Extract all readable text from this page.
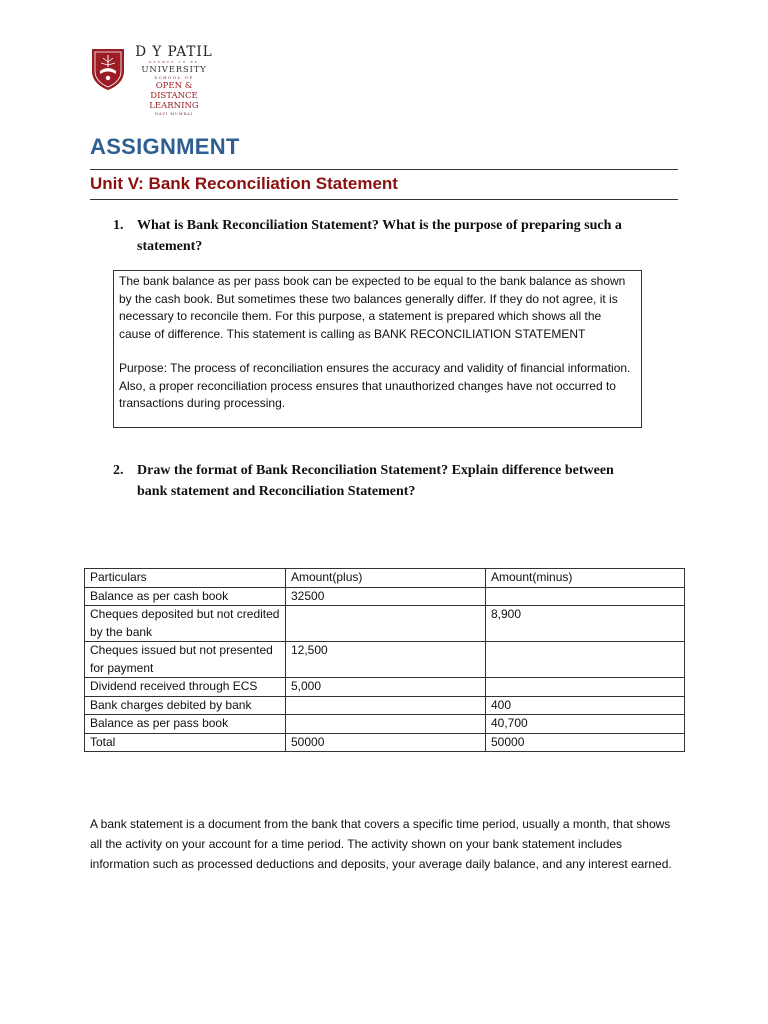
D Y PATIL
DEEMED TO BE
UNIVERSITY
SCHOOL OF
OPEN & DISTANCE
LEARNING
NAVI MUMBAI
ASSIGNMENT
Unit V: Bank Reconciliation Statement
1. What is Bank Reconciliation Statement? What is the purpose of preparing such a
statement?

The bank balance as per pass book can be expected to be equal to the bank balance as shown by the cash book. But sometimes these two balances generally differ. If they do not agree, it is necessary to reconcile them. For this purpose, a statement is prepared which shows all the cause of difference. This statement is calling as BANK RECONCILIATION STATEMENT

Purpose: The process of reconciliation ensures the accuracy and validity of financial information. Also, a proper reconciliation process ensures that unauthorized changes have not occurred to transactions during processing.

2. Draw the format of Bank Reconciliation Statement? Explain difference between
bank statement and Reconciliation Statement?
Particulars	Amount(plus)	Amount(minus)
Balance as per cash book	32500	
Cheques deposited but not credited by the bank		8,900
Cheques issued but not presented for payment	12,500	
Dividend received through ECS	5,000	
Bank charges debited by bank		400
Balance as per pass book		40,700
Total	50000	50000
A bank statement is a document from the bank that covers a specific time period, usually a month, that shows all the activity on your account for a time period. The activity shown on your bank statement includes information such as processed deductions and deposits, your average daily balance, and any interest earned.
